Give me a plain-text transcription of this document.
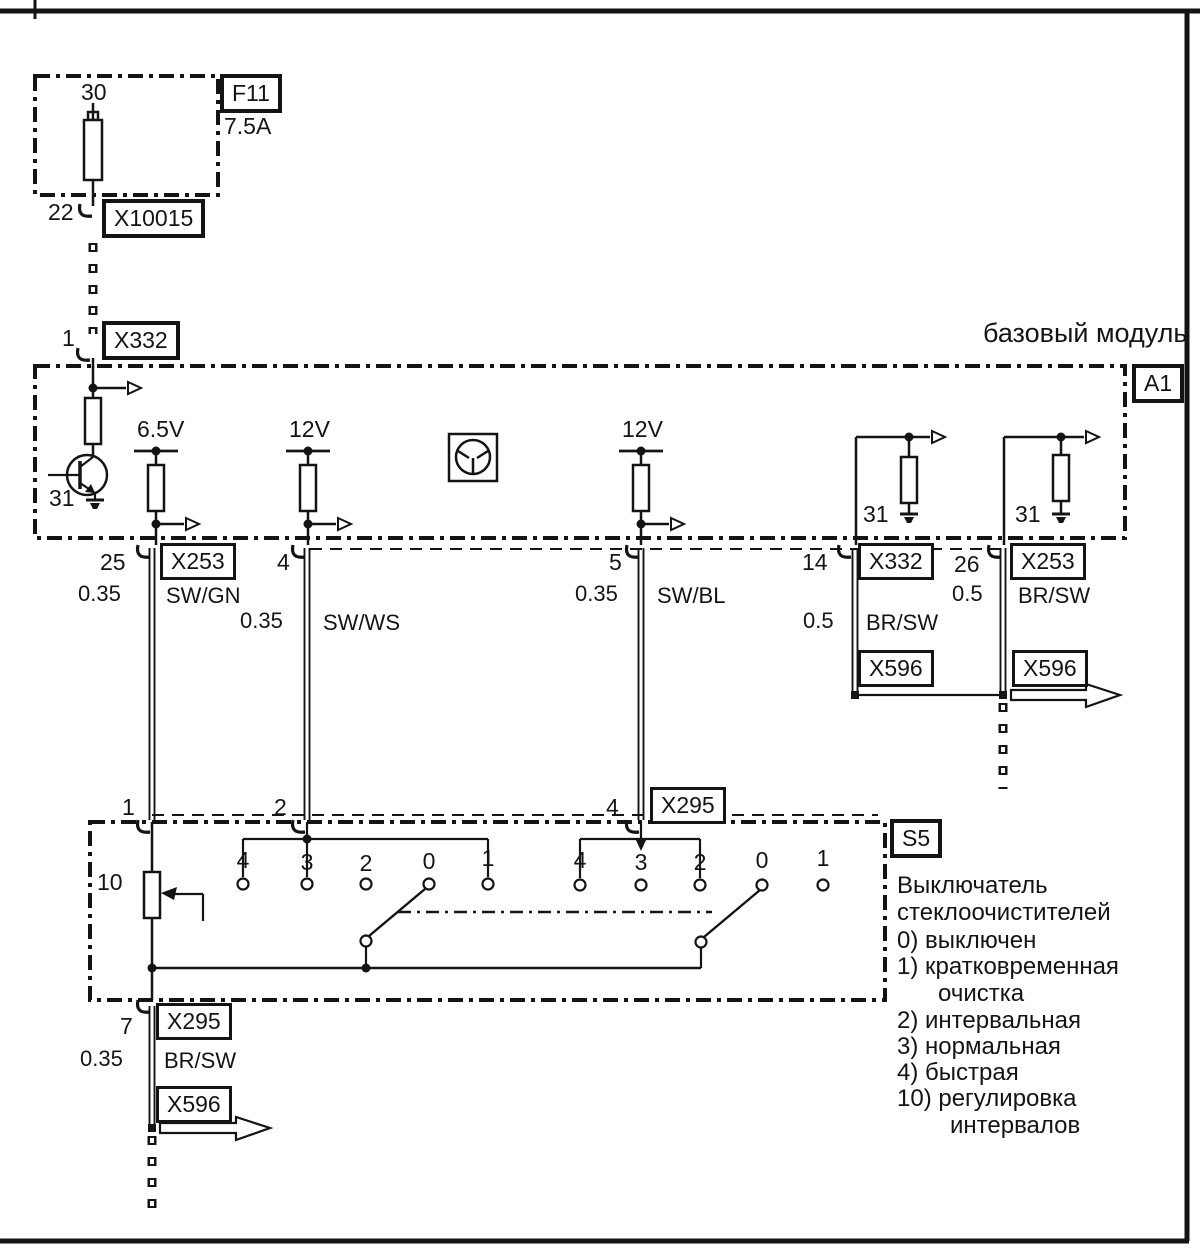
30	F11
7.5A
22	X10015
1	X332	базовый модуль
A1
6.5V	12V	12V
31
31	31
25	X253
0.35 SW/GN
4
0.35 SW/WS
5
0.35 SW/BL
14	X332
0.5 BR/SW
X596
26	X253
0.5 BR/SW
X596
1	2	4	X295
S5
10
4 3 2 0 1	4 3 2 0 1
7
0.35
X295
BR/SW
X596
Выключатель
стеклоочистителей
0) выключен
1) кратковременная
очистка
2) интервальная
3) нормальная
4) быстрая
10) регулировка
интервалов
